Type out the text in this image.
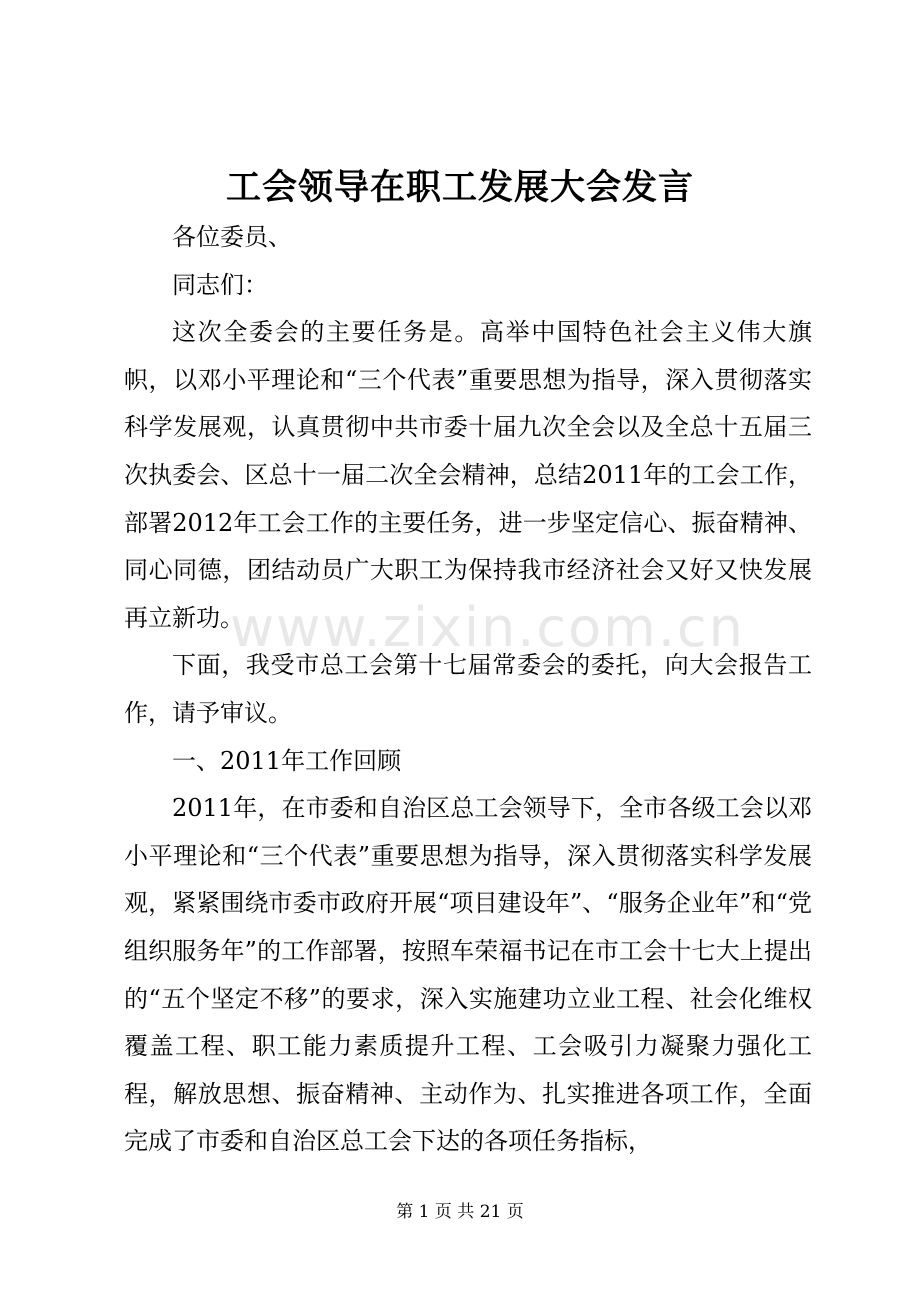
工会领导在职工发展大会发言

各位委员、

同志们：

这次全委会的主要任务是。高举中国特色社会主义伟大旗帜，以邓小平理论和“三个代表”重要思想为指导，深入贯彻落实科学发展观，认真贯彻中共市委十届九次全会以及全总十五届三次执委会、区总十一届二次全会精神，总结2011年的工会工作，部署2012年工会工作的主要任务，进一步坚定信心、振奋精神、同心同德，团结动员广大职工为保持我市经济社会又好又快发展再立新功。

下面，我受市总工会第十七届常委会的委托，向大会报告工作，请予审议。

一、2011年工作回顾

2011年，在市委和自治区总工会领导下，全市各级工会以邓小平理论和“三个代表”重要思想为指导，深入贯彻落实科学发展观，紧紧围绕市委市政府开展“项目建设年”、“服务企业年”和“党组织服务年”的工作部署，按照车荣福书记在市工会十七大上提出的“五个坚定不移”的要求，深入实施建功立业工程、社会化维权覆盖工程、职工能力素质提升工程、工会吸引力凝聚力强化工程，解放思想、振奋精神、主动作为、扎实推进各项工作，全面完成了市委和自治区总工会下达的各项任务指标，

www.zixin.com.cn
第 1 页 共 21 页
